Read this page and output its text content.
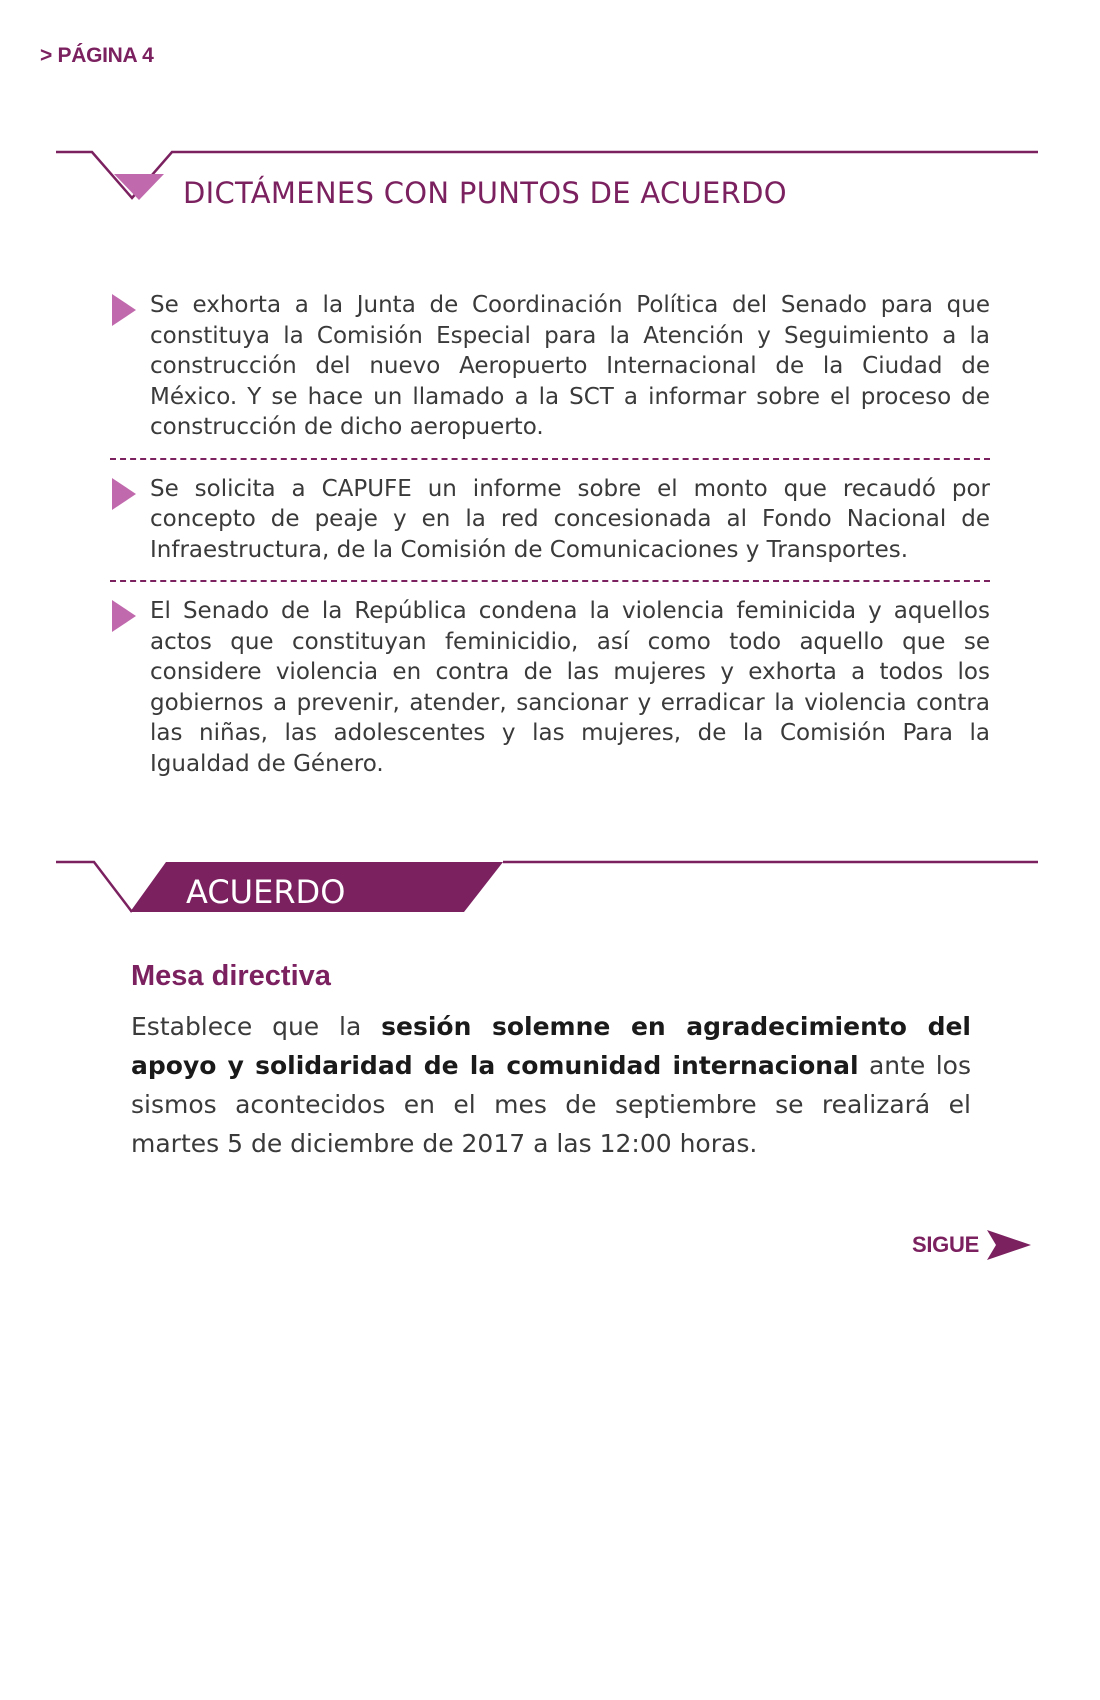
> PÁGINA 4
DICTÁMENES CON PUNTOS DE ACUERDO

Se exhorta a la Junta de Coordinación Política del Senado para que constituya la Comisión Especial para la Atención y Seguimiento a la construcción del nuevo Aeropuerto Internacional de la Ciudad de México. Y se hace un llamado a la SCT a informar sobre el proceso de construcción de dicho aeropuerto.

Se solicita a CAPUFE un informe sobre el monto que recaudó por concepto de peaje y en la red concesionada al Fondo Nacional de Infraestructura, de la Comisión de Comunicaciones y Transportes.

El Senado de la República condena la violencia feminicida y aquellos actos que constituyan feminicidio, así como todo aquello que se considere violencia en contra de las mujeres y exhorta a todos los gobiernos a prevenir, atender, sancionar y erradicar la violencia contra las niñas, las adolescentes y las mujeres, de la Comisión Para la Igualdad de Género.

ACUERDO
Mesa directiva

Establece que la sesión solemne en agradecimiento del apoyo y solidaridad de la comunidad internacional ante los sismos acontecidos en el mes de septiembre se realizará el martes 5 de diciembre de 2017 a las 12:00 horas.

SIGUE
